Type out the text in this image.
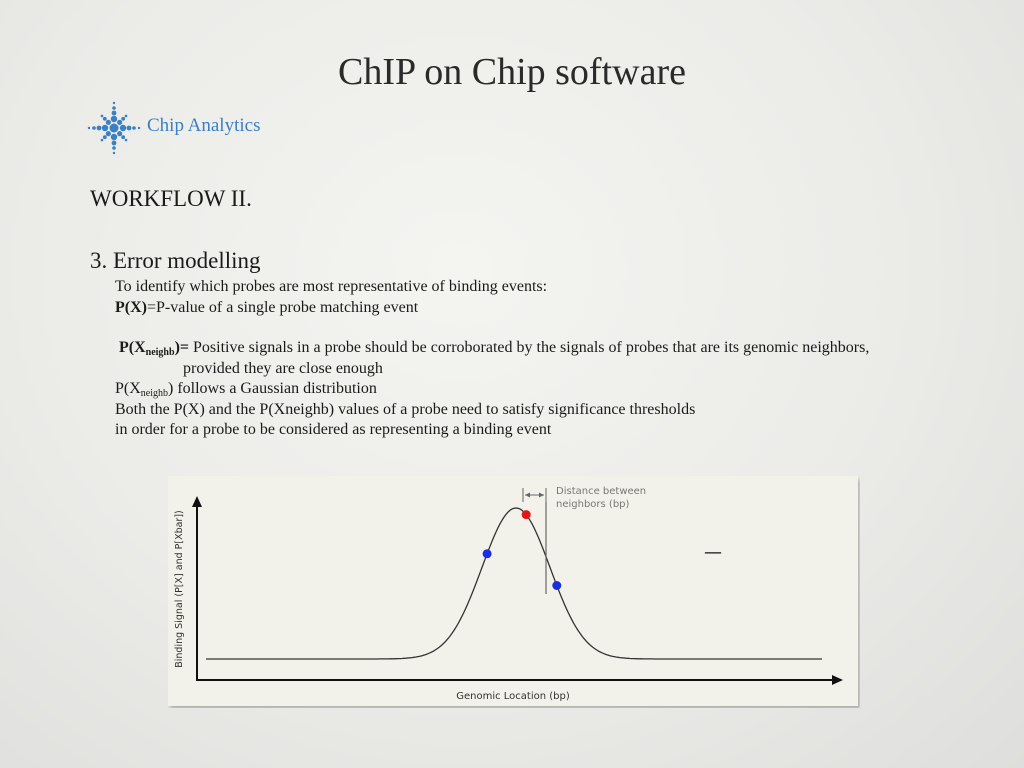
ChIP on Chip software
Chip Analytics
WORKFLOW II.
3. Error modelling

To identify which probes are most representative of binding events:

P(X)=P-value of a single probe matching event

$P(X_{neighb})=$ Positive signals in a probe should be corroborated by the signals of probes that are its genomic neighbors,

provided they are close enough

$P(X_{neighb})$ follows a Gaussian distribution

Both the P(X) and the P(Xneighb) values of a probe need to satisfy significance thresholds

in order for a probe to be considered as representing a binding event

Distance between
neighbors (bp)
—
Genomic Location (bp)
Binding Signal (P[X] and P[Xbar])
